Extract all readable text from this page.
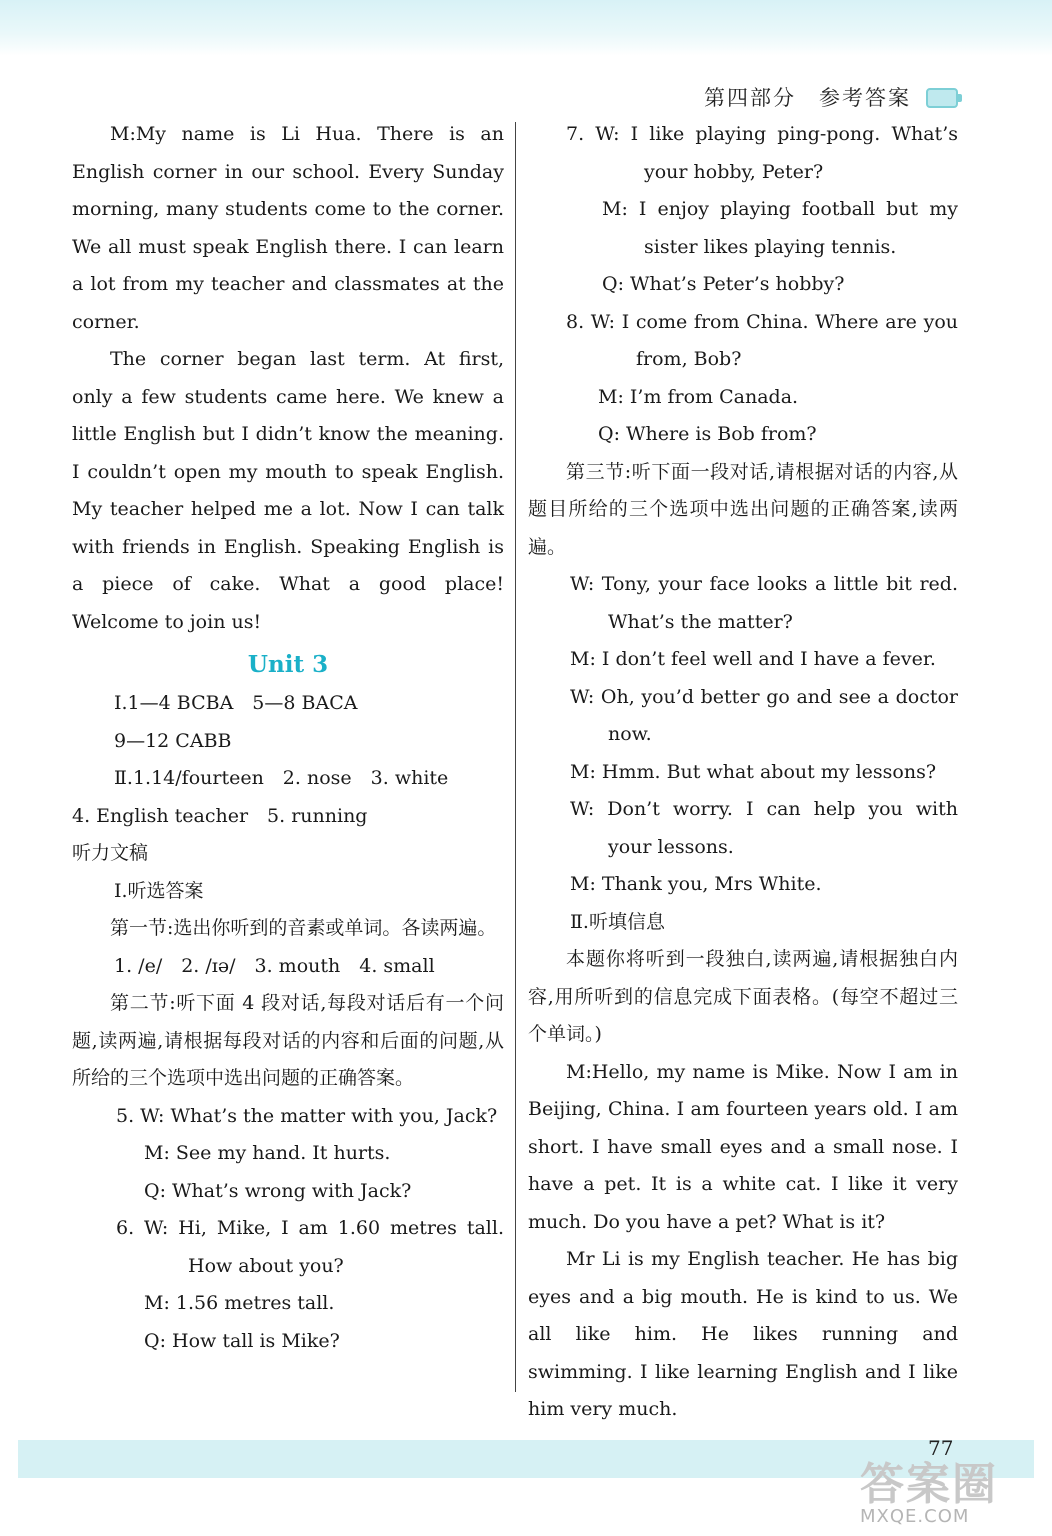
第四部分　参考答案

M:My name is Li Hua. There is an English corner in our school. Every Sunday morning, many students come to the corner. We all must speak English there. I can learn a lot from my teacher and classmates at the corner.

The corner began last term. At first, only a few students came here. We knew a little English but I didn’t know the meaning. I couldn’t open my mouth to speak English. My teacher helped me a lot. Now I can talk with friends in English. Speaking English is a piece of cake. What a good place! Welcome to join us!

Unit 3

Ⅰ.1—4 BCBA　5—8 BACA

9—12 CABB

Ⅱ.1.14/fourteen　2. nose　3. white

4. English teacher　5. running

听力文稿

Ⅰ.听选答案

第一节:选出你听到的音素或单词。各读两遍。

1. /e/　2. /ɪə/　3. mouth　4. small

第二节:听下面 4 段对话,每段对话后有一个问题,读两遍,请根据每段对话的内容和后面的问题,从所给的三个选项中选出问题的正确答案。

5. W: What’s the matter with you, Jack?

M: See my hand. It hurts.

Q: What’s wrong with Jack?

6. W: Hi, Mike, I am 1.60 metres tall. How about you?

M: 1.56 metres tall.

Q: How tall is Mike?

7. W: I like playing ping-pong. What’s your hobby, Peter?

M: I enjoy playing football but my sister likes playing tennis.

Q: What’s Peter’s hobby?

8. W: I come from China. Where are you from, Bob?

M: I’m from Canada.

Q: Where is Bob from?

第三节:听下面一段对话,请根据对话的内容,从题目所给的三个选项中选出问题的正确答案,读两遍。

W: Tony, your face looks a little bit red. What’s the matter?

M: I don’t feel well and I have a fever.

W: Oh, you’d better go and see a doctor now.

M: Hmm. But what about my lessons?

W: Don’t worry. I can help you with your lessons.

M: Thank you, Mrs White.

Ⅱ.听填信息

本题你将听到一段独白,读两遍,请根据独白内容,用所听到的信息完成下面表格。(每空不超过三个单词。)

M:Hello, my name is Mike. Now I am in Beijing, China. I am fourteen years old. I am short. I have small eyes and a small nose. I have a pet. It is a white cat. I like it very much. Do you have a pet? What is it?

Mr Li is my English teacher. He has big eyes and a big mouth. He is kind to us. We all like him. He likes running and swimming. I like learning English and I like him very much.

77
答案圈
MXQE.COM
